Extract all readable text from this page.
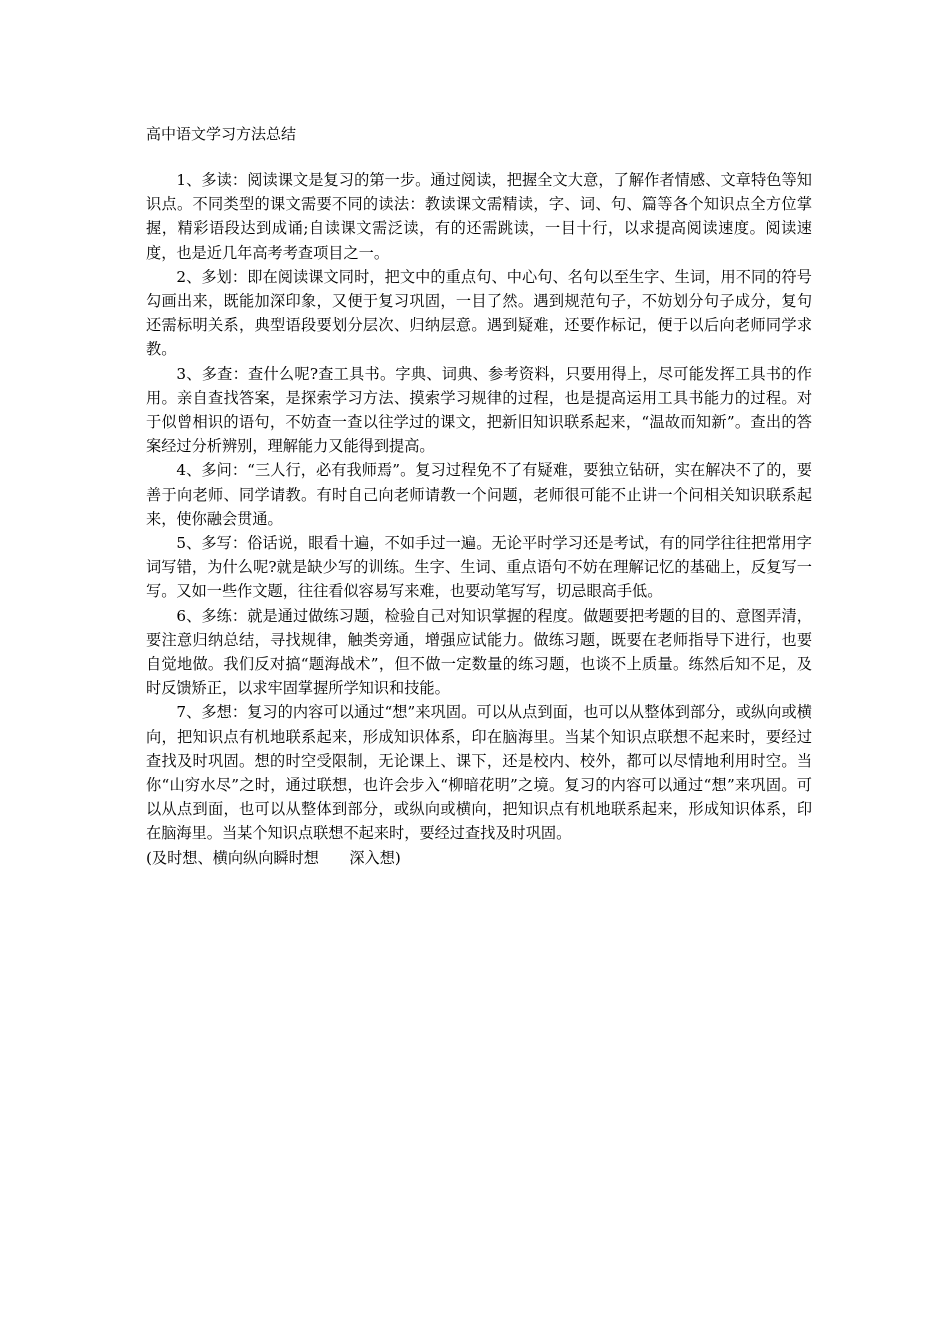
高中语文学习方法总结

1、多读：阅读课文是复习的第一步。通过阅读，把握全文大意，了解作者情感、文章特色等知识点。不同类型的课文需要不同的读法：教读课文需精读，字、词、句、篇等各个知识点全方位掌握，精彩语段达到成诵;自读课文需泛读，有的还需跳读，一目十行，以求提高阅读速度。阅读速度，也是近几年高考考查项目之一。

2、多划：即在阅读课文同时，把文中的重点句、中心句、名句以至生字、生词，用不同的符号勾画出来，既能加深印象，又便于复习巩固，一目了然。遇到规范句子，不妨划分句子成分，复句还需标明关系，典型语段要划分层次、归纳层意。遇到疑难，还要作标记，便于以后向老师同学求教。

3、多查：查什么呢?查工具书。字典、词典、参考资料，只要用得上，尽可能发挥工具书的作用。亲自查找答案，是探索学习方法、摸索学习规律的过程，也是提高运用工具书能力的过程。对于似曾相识的语句，不妨查一查以往学过的课文，把新旧知识联系起来，“温故而知新”。查出的答案经过分析辨别，理解能力又能得到提高。

4、多问：“三人行，必有我师焉”。复习过程免不了有疑难，要独立钻研，实在解决不了的，要善于向老师、同学请教。有时自己向老师请教一个问题，老师很可能不止讲一个问相关知识联系起来，使你融会贯通。

5、多写：俗话说，眼看十遍，不如手过一遍。无论平时学习还是考试，有的同学往往把常用字词写错，为什么呢?就是缺少写的训练。生字、生词、重点语句不妨在理解记忆的基础上，反复写一写。又如一些作文题，往往看似容易写来难，也要动笔写写，切忌眼高手低。

6、多练：就是通过做练习题，检验自己对知识掌握的程度。做题要把考题的目的、意图弄清，要注意归纳总结，寻找规律，触类旁通，增强应试能力。做练习题，既要在老师指导下进行，也要自觉地做。我们反对搞“题海战术”，但不做一定数量的练习题，也谈不上质量。练然后知不足，及时反馈矫正，以求牢固掌握所学知识和技能。

7、多想：复习的内容可以通过“想”来巩固。可以从点到面，也可以从整体到部分，或纵向或横向，把知识点有机地联系起来，形成知识体系，印在脑海里。当某个知识点联想不起来时，要经过查找及时巩固。想的时空受限制，无论课上、课下，还是校内、校外，都可以尽情地利用时空。当你“山穷水尽”之时，通过联想，也许会步入“柳暗花明”之境。复习的内容可以通过“想”来巩固。可以从点到面，也可以从整体到部分，或纵向或横向，把知识点有机地联系起来，形成知识体系，印在脑海里。当某个知识点联想不起来时，要经过查找及时巩固。

(及时想、横向纵向瞬时想　　深入想)
